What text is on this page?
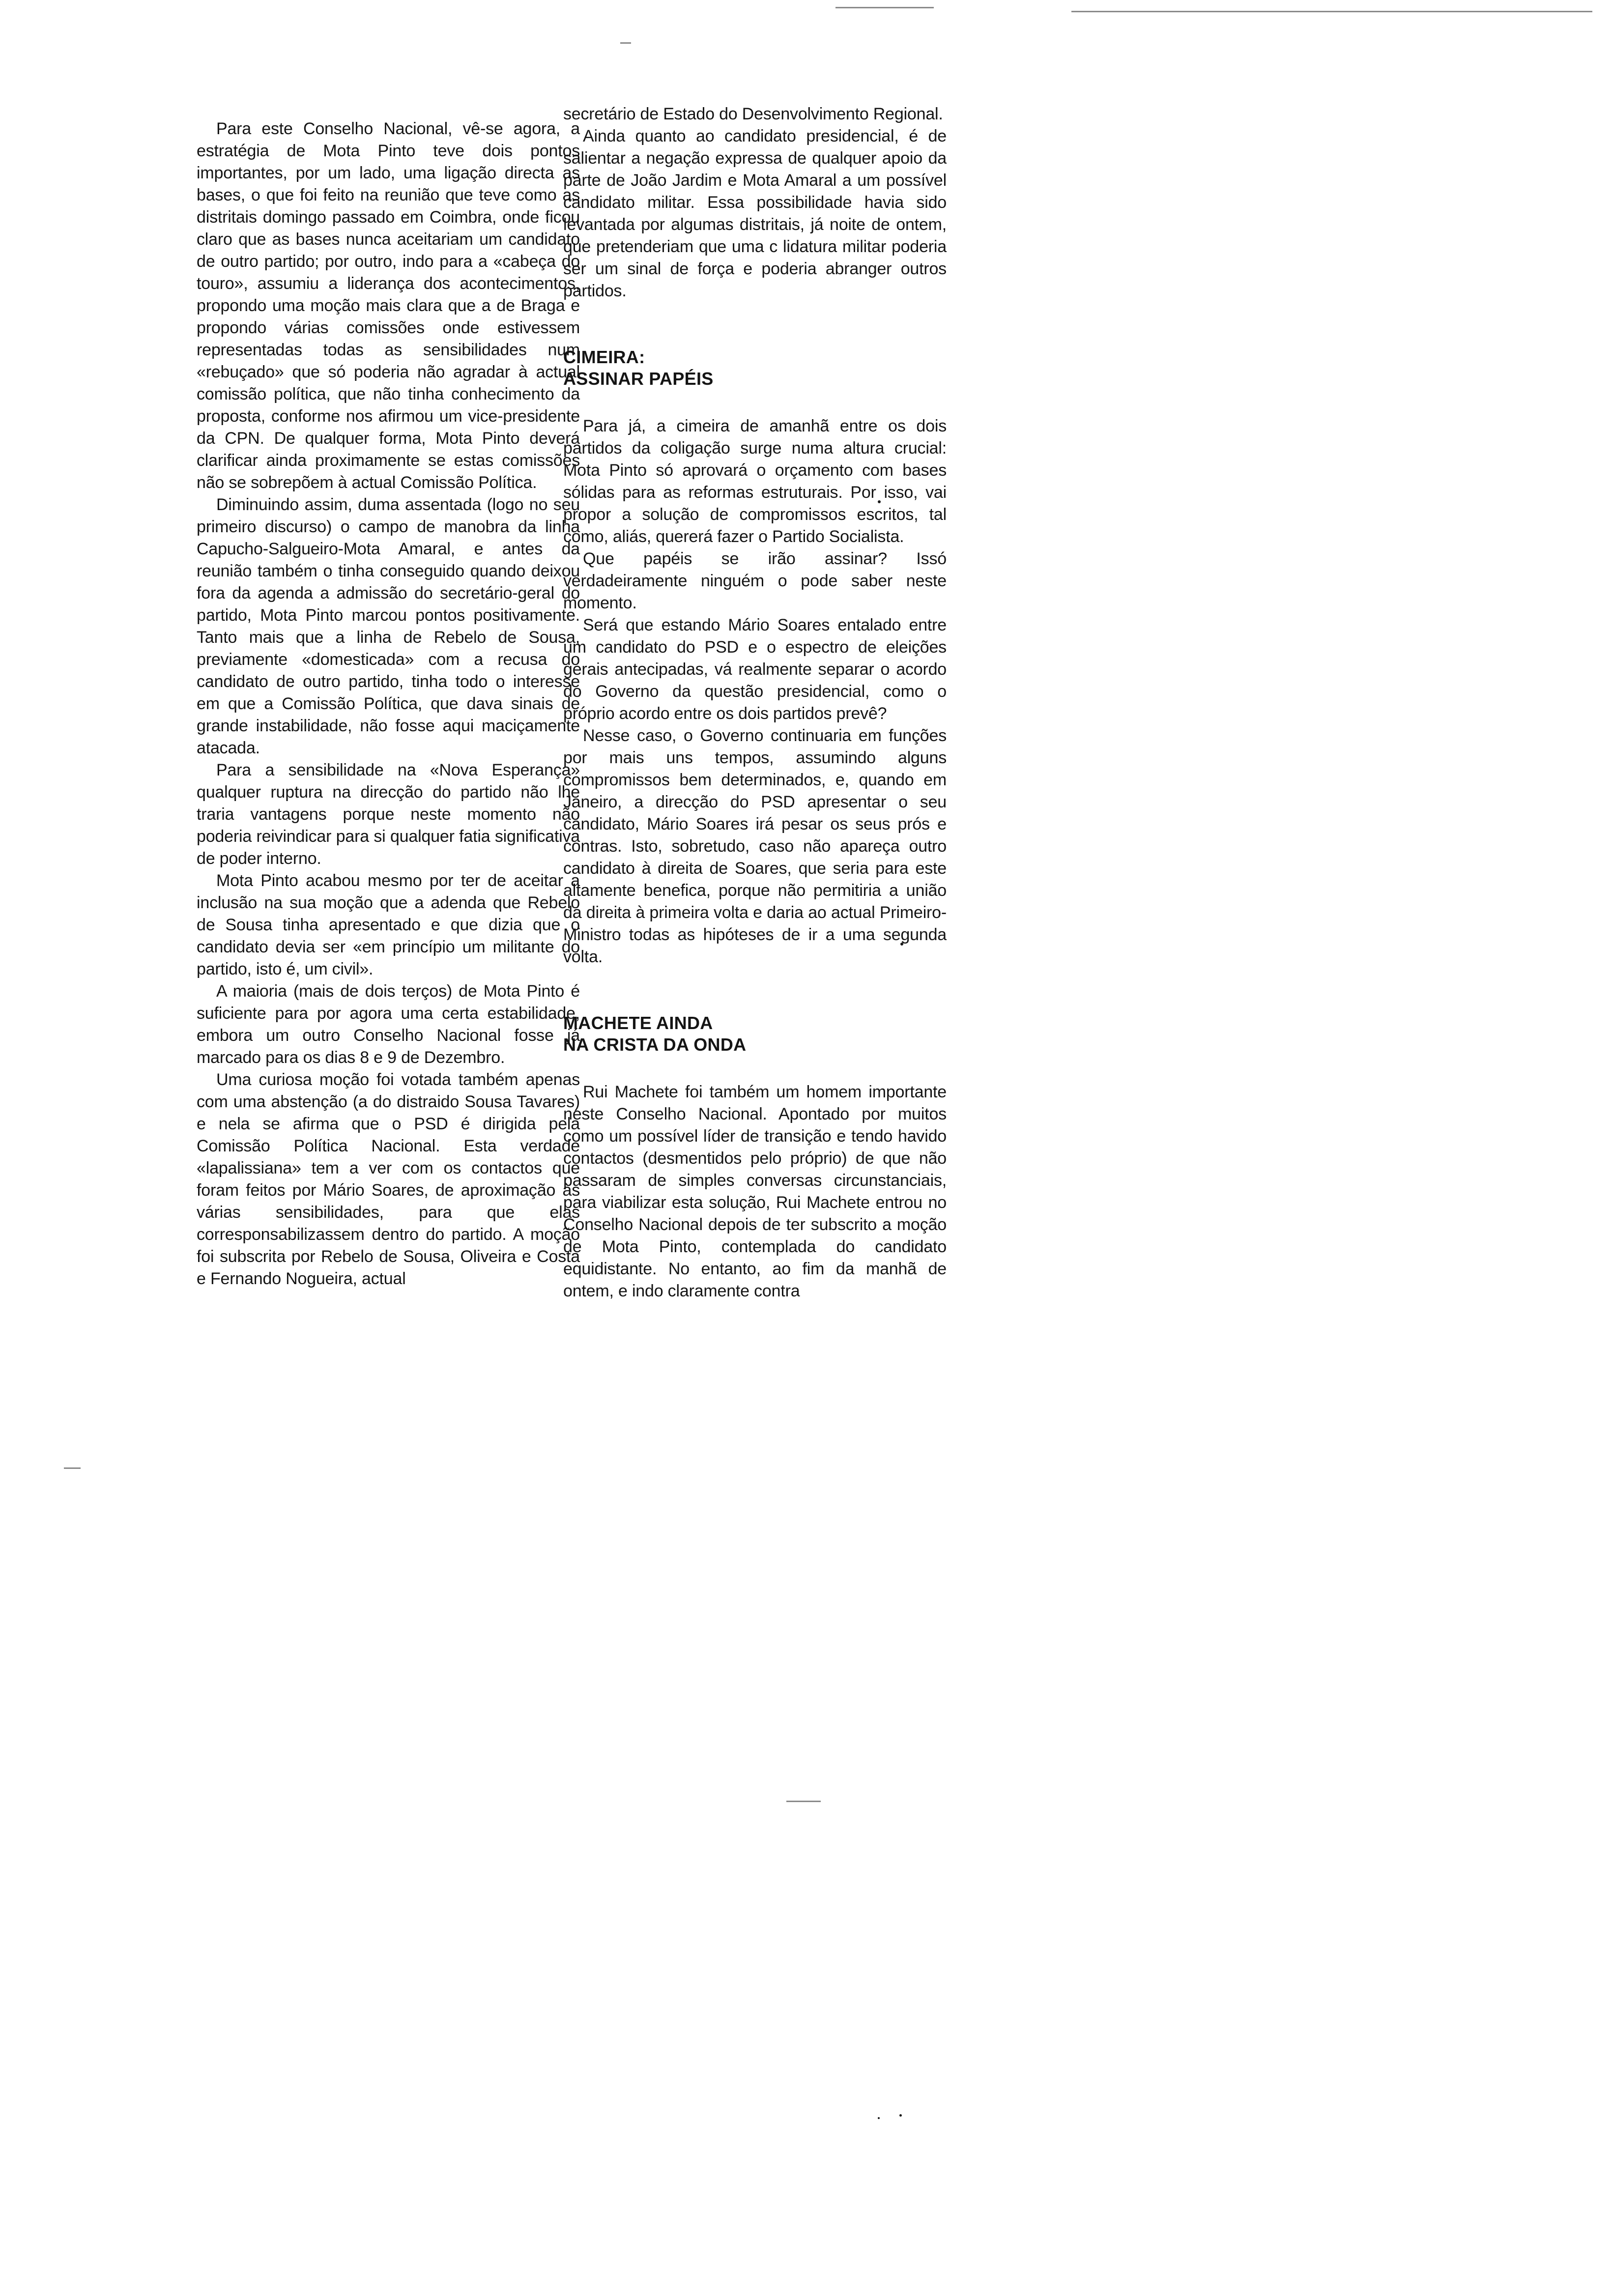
Para este Conselho Nacional, vê-se agora, a estratégia de Mota Pinto teve dois pontos importantes, por um lado, uma ligação directa as bases, o que foi feito na reunião que teve como as distritais domingo passado em Coimbra, onde ficou claro que as bases nunca aceitariam um candidato de outro partido; por outro, indo para a «cabeça do touro», assumiu a liderança dos acontecimentos, propondo uma moção mais clara que a de Braga e propondo várias comissões onde estivessem representadas todas as sensibilidades num «rebuçado» que só poderia não agradar à actual comissão política, que não tinha conhecimento da proposta, conforme nos afirmou um vice-presidente da CPN. De qualquer forma, Mota Pinto deverá clarificar ainda proximamente se estas comissões não se sobrepõem à actual Comissão Política.

Diminuindo assim, duma assentada (logo no seu primeiro discurso) o campo de manobra da linha Capucho-Salgueiro-Mota Amaral, e antes da reunião também o tinha conseguido quando deixou fora da agenda a admissão do secretário-geral do partido, Mota Pinto marcou pontos positivamente. Tanto mais que a linha de Rebelo de Sousa, previamente «domesticada» com a recusa do candidato de outro partido, tinha todo o interesse em que a Comissão Política, que dava sinais de grande instabilidade, não fosse aqui maciçamente atacada.

Para a sensibilidade na «Nova Esperança» qualquer ruptura na direcção do partido não lhe traria vantagens porque neste momento não poderia reivindicar para si qualquer fatia significativa de poder interno.

Mota Pinto acabou mesmo por ter de aceitar a inclusão na sua moção que a adenda que Rebelo de Sousa tinha apresentado e que dizia que o candidato devia ser «em princípio um militante do partido, isto é, um civil».

A maioria (mais de dois terços) de Mota Pinto é suficiente para por agora uma certa estabilidade, embora um outro Conselho Nacional fosse já marcado para os dias 8 e 9 de Dezembro.

Uma curiosa moção foi votada também apenas com uma abstenção (a do distraido Sousa Tavares) e nela se afirma que o PSD é dirigida pela Comissão Política Nacional. Esta verdade «lapalissiana» tem a ver com os contactos que foram feitos por Mário Soares, de aproximação às várias sensibilidades, para que elas corresponsabilizassem dentro do partido. A moção foi subscrita por Rebelo de Sousa, Oliveira e Costa e Fernando Nogueira, actual

secretário de Estado do Desenvolvimento Regional.

Ainda quanto ao candidato presidencial, é de salientar a negação expressa de qualquer apoio da parte de João Jardim e Mota Amaral a um possível candidato militar. Essa possibilidade havia sido levantada por algumas distritais, já noite de ontem, que pretenderiam que uma c lidatura militar poderia ser um sinal de força e poderia abranger outros partidos.

CIMEIRA:
ASSINAR PAPÉIS

Para já, a cimeira de amanhã entre os dois partidos da coligação surge numa altura crucial: Mota Pinto só aprovará o orçamento com bases sólidas para as reformas estruturais. Por isso, vai propor a solução de compromissos escritos, tal como, aliás, quererá fazer o Partido Socialista.

Que papéis se irão assinar? Issó verdadeiramente ninguém o pode saber neste momento.

Será que estando Mário Soares entalado entre um candidato do PSD e o espectro de eleições gerais antecipadas, vá realmente separar o acordo do Governo da questão presidencial, como o próprio acordo entre os dois partidos prevê?

Nesse caso, o Governo continuaria em funções por mais uns tempos, assumindo alguns compromissos bem determinados, e, quando em Janeiro, a direcção do PSD apresentar o seu candidato, Mário Soares irá pesar os seus prós e contras. Isto, sobretudo, caso não apareça outro candidato à direita de Soares, que seria para este altamente benefica, porque não permitiria a união da direita à primeira volta e daria ao actual Primeiro-Ministro todas as hipóteses de ir a uma segunda volta.

MACHETE AINDA
NA CRISTA DA ONDA

Rui Machete foi também um homem importante neste Conselho Nacional. Apontado por muitos como um possível líder de transição e tendo havido contactos (desmentidos pelo próprio) de que não passaram de simples conversas circunstanciais, para viabilizar esta solução, Rui Machete entrou no Conselho Nacional depois de ter subscrito a moção de Mota Pinto, contemplada do candidato equidistante. No entanto, ao fim da manhã de ontem, e indo claramente contra
